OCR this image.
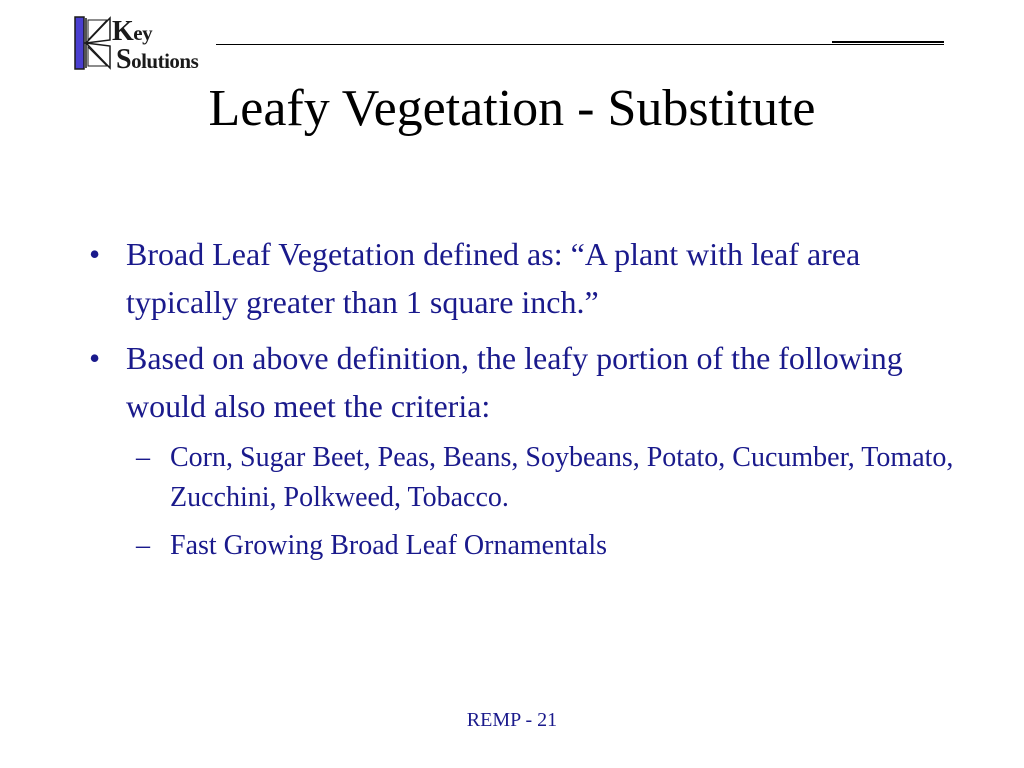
Key
Solutions
Leafy Vegetation - Substitute
• Broad Leaf Vegetation defined as: “A plant with leaf area typically greater than 1 square inch.”
• Based on above definition, the leafy portion of the following would also meet the criteria:
– Corn, Sugar Beet, Peas, Beans, Soybeans, Potato, Cucumber, Tomato, Zucchini, Polkweed, Tobacco.
– Fast Growing Broad Leaf Ornamentals
REMP - 21
